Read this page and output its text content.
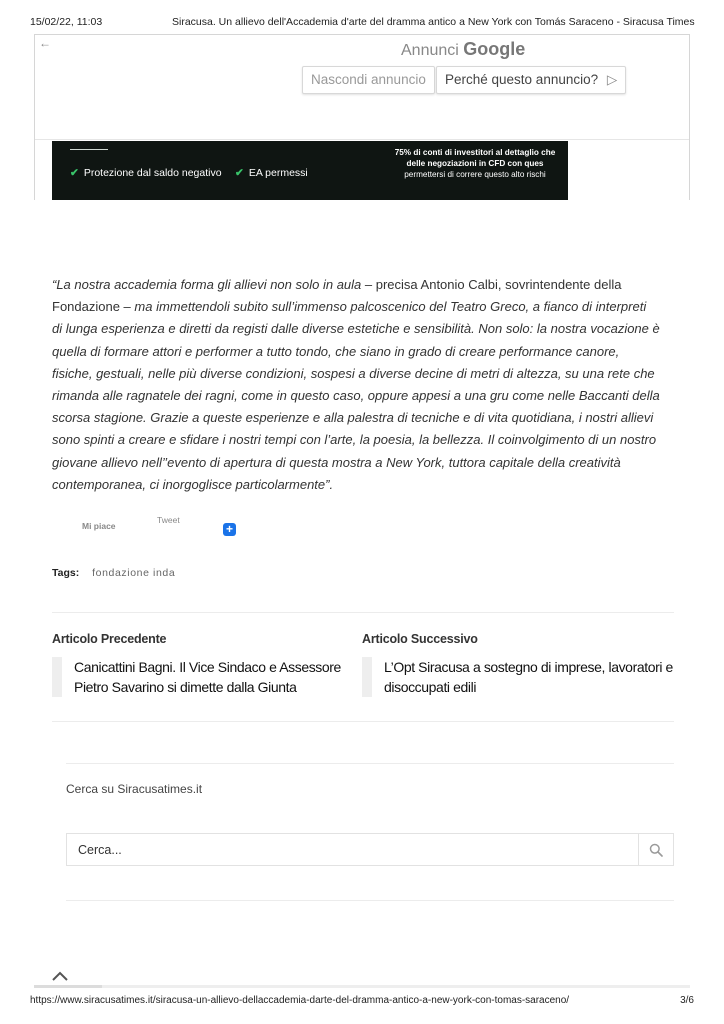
15/02/22, 11:03	Siracusa. Un allievo dell'Accademia d'arte del dramma antico a New York con Tomás Saraceno - Siracusa Times
←	Annunci Google
Nascondi annuncio	Perché questo annuncio? ▷
✔ Protezione dal saldo negativo ✔ EA permessi
75% di conti di investitori al dettaglio che
delle negoziazioni in CFD con ques
permettersi di correre questo alto rischi
“La nostra accademia forma gli allievi non solo in aula – precisa Antonio Calbi, sovrintendente della
Fondazione – ma immettendoli subito sull’immenso palcoscenico del Teatro Greco, a fianco di interpreti
di lunga esperienza e diretti da registi dalle diverse estetiche e sensibilità. Non solo: la nostra vocazione è
quella di formare attori e performer a tutto tondo, che siano in grado di creare performance canore,
fisiche, gestuali, nelle più diverse condizioni, sospesi a diverse decine di metri di altezza, su una rete che
rimanda alle ragnatele dei ragni, come in questo caso, oppure appesi a una gru come nelle Baccanti della
scorsa stagione. Grazie a queste esperienze e alla palestra di tecniche e di vita quotidiana, i nostri allievi
sono spinti a creare e sfidare i nostri tempi con l’arte, la poesia, la bellezza. Il coinvolgimento di un nostro
giovane allievo nell’’evento di apertura di questa mostra a New York, tuttora capitale della creatività
contemporanea, ci inorgoglisce particolarmente”.
Mi piace
Tweet
+
Tags: fondazione inda
Articolo Precedente
Canicattini Bagni. Il Vice Sindaco e Assessore
Pietro Savarino si dimette dalla Giunta
Articolo Successivo
L’Opt Siracusa a sostegno di imprese, lavoratori e
disoccupati edili
Cerca su Siracusatimes.it
Cerca...
https://www.siracusatimes.it/siracusa-un-allievo-dellaccademia-darte-del-dramma-antico-a-new-york-con-tomas-saraceno/	3/6
